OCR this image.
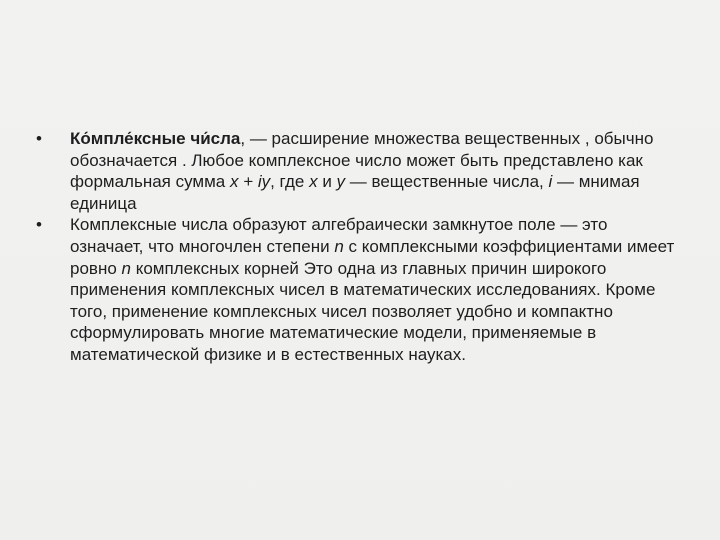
•	Ко́мпле́ксные чи́сла, — расширение множества вещественных , обычно обозначается . Любое комплексное число может быть представлено как формальная сумма x + iy, где x и y — вещественные числа, i — мнимая единица
•	Комплексные числа образуют алгебраически замкнутое поле — это означает, что многочлен степени n с комплексными коэффициентами имеет ровно n комплексных корней Это одна из главных причин широкого применения комплексных чисел в математических исследованиях. Кроме того, применение комплексных чисел позволяет удобно и компактно сформулировать многие математические модели, применяемые в математической физике и в естественных науках.
